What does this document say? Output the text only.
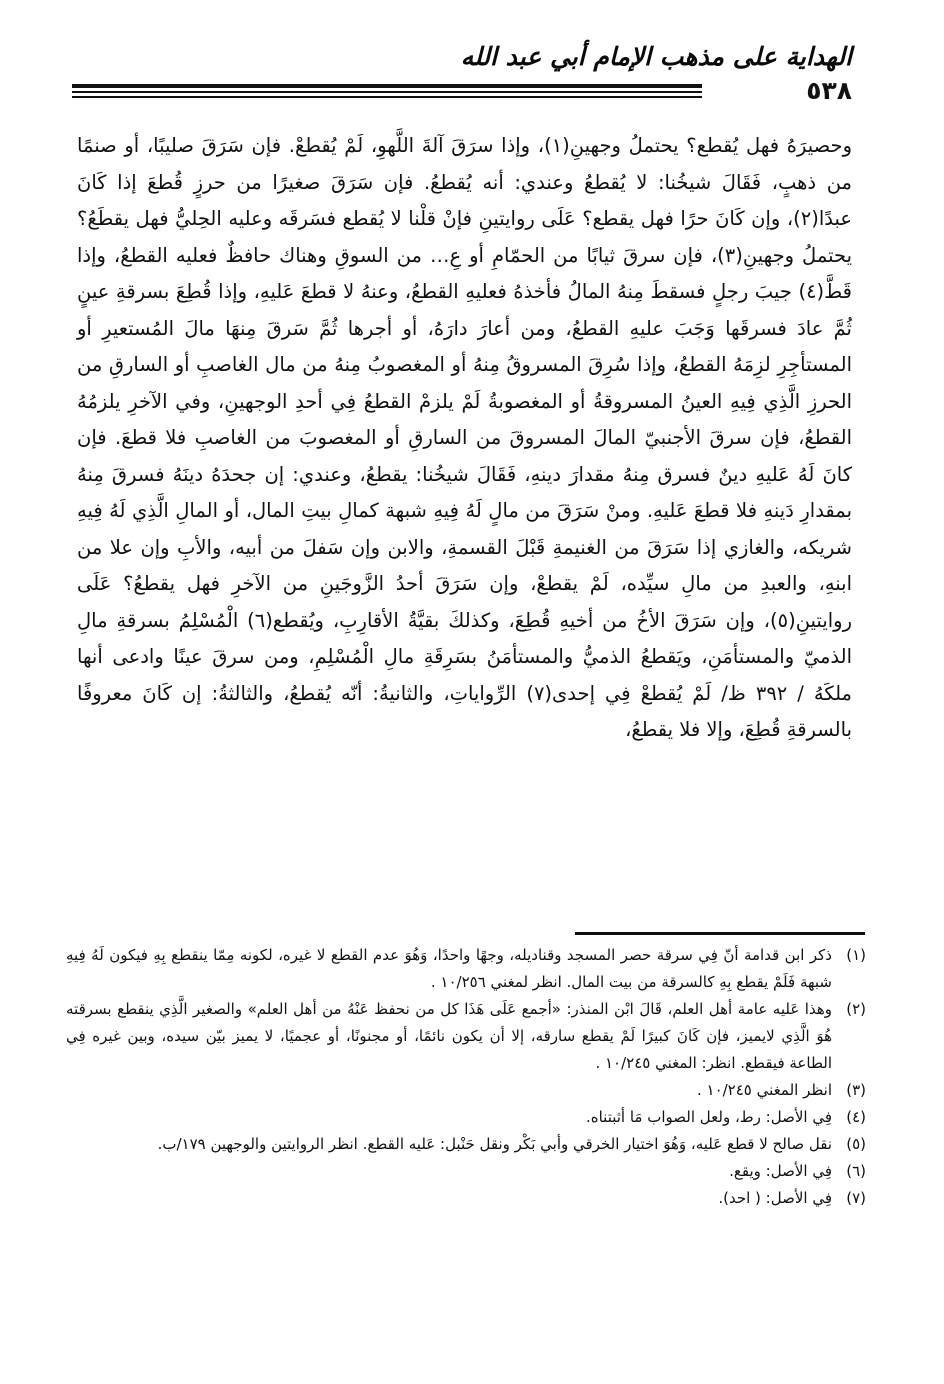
الهداية على مذهب الإمام أبي عبد الله
٥٣٨

وحصيرَهُ فهل يُقطع؟ يحتملُ وجهينِ(١)، وإذا سرَقَ آلةَ اللَّهوِ، لَمْ يُقطعْ. فإن سَرَقَ صليبًا، أو صنمًا من ذهبٍ، فَقَالَ شيخُنا: لا يُقطعُ وعندي: أنه يُقطعُ. فإن سَرَقَ صغيرًا من حرزٍ قُطعَ إذا كَانَ عبدًا(٢)، وإن كَانَ حرًا فهل يقطع؟ عَلَى روايتينِ فإنْ قلْنا لا يُقطع فسَرقَه وعليه الحِليُّ فهل يقطَعُ؟ يحتملُ وجهينِ(٣)، فإن سرقَ ثيابًا من الحمّامِ أو عِ… من السوقِ وهناك حافظٌ فعليه القطعُ، وإذا قَطَّ(٤) جيبَ رجلٍ فسقطَ مِنهُ المالُ فأخذهُ فعليهِ القطعُ، وعنهُ لا قطعَ عَليهِ، وإذا قُطِعَ بسرقةِ عينٍ ثُمَّ عادَ فسرقَها وَجَبَ عليهِ القطعُ، ومن أعارَ دارَهُ، أو أجرها ثُمَّ سَرقَ مِنهَا مالَ المُستعيرِ أو المستأجِرِ لزِمَهُ القطعُ، وإذا سُرِقَ المسروقُ مِنهُ أو المغصوبُ مِنهُ من مال الغاصبِ أو السارقِ من الحرزِ الَّذِي فِيهِ العينُ المسروقةُ أو المغصوبةُ لَمْ يلزمْ القطعُ فِي أحدِ الوجهينِ، وفي الآخرِ يلزمُهُ القطعُ، فإن سرقَ الأجنبيّ المالَ المسروقَ من السارقِ أو المغصوبَ من الغاصبِ فلا قطعَ. فإن كانَ لَهُ عَليهِ دينٌ فسرق مِنهُ مقدارَ دينهِ، فَقَالَ شيخُنا: يقطعُ، وعندي: إن جحدَهُ دينَهُ فسرقَ مِنهُ بمقدارِ دَينهِ فلا قطعَ عَليهِ. ومنْ سَرَقَ من مالٍ لَهُ فِيهِ شبهة كمالِ بيتِ المال، أو المالِ الَّذِي لَهُ فِيهِ شريكه، والغازي إذا سَرَقَ من الغنيمةِ قَبْلَ القسمةِ، والابن وإن سَفلَ من أبيه، والأبِ وإن علا من ابنهِ، والعبدِ من مالِ سيِّده، لَمْ يقطعْ، وإن سَرَقَ أحدُ الزَّوجَينِ من الآخرِ فهل يقطعُ؟ عَلَى روايتينِ(٥)، وإن سَرَقَ الأخُ من أخيهِ قُطِعَ، وكذلكَ بقيَّةُ الأقارِبِ، ويُقطع(٦) الْمُسْلِمُ بسرقةِ مالِ الذميّ والمستأمَنِ، ويَقطعُ الذميُّ والمستأمَنُ بسَرِقَةِ مالِ الْمُسْلِمِ، ومن سرقَ عينًا وادعى أنها ملكَهُ / ٣٩٢ ظ/ لَمْ يُقطعْ فِي إحدى(٧) الرِّواياتِ، والثانيةُ: أنّه يُقطعُ، والثالثةُ: إن كَانَ معروفًا بالسرقةِ قُطِعَ، وإلا فلا يقطعُ،

(١)
ذكر ابن قدامة أنّ فِي سرقة حصر المسجد وقناديله، وجهًا واحدًا، وَهُوَ عدم القطع لا غيره، لكونه مِمّا ينقطع بِهِ فيكون لَهُ فِيهِ شبهة فَلَمْ يقطع بِهِ كالسرقة من بيت المال. انظر لمغني ١٠/٢٥٦ .
(٢)
وهذا عَليه عامة أهل العلم، قَالَ ابْن المنذر: «أجمع عَلَى هَذَا كل من نحفظ عَنْهُ من أهل العلم» والصغير الَّذِي ينقطع بسرقته هُوَ الَّذِي لايميز، فإن كَانَ كبيرًا لَمْ يقطع سارقه، إلا أن يكون نائمًا، أو مجنونًا، أو عجميًا، لا يميز بيّن سيده، وبين غيره فِي الطاعة فيقطع. انظر: المغني ١٠/٢٤٥ .
(٣)
انظر المغني ١٠/٢٤٥ .
(٤)
فِي الأصل: رط، ولعل الصواب مَا أثبتناه.
(٥)
نقل صالح لا قطع عَليه، وَهُوَ اختيار الخرقي وأبي بَكْر ونقل حَنْبل: عَليه القطع. انظر الروايتين والوجهين ١٧٩/ب.
(٦)
فِي الأصل: ويقع.
(٧)
فِي الأصل: ( احد).
